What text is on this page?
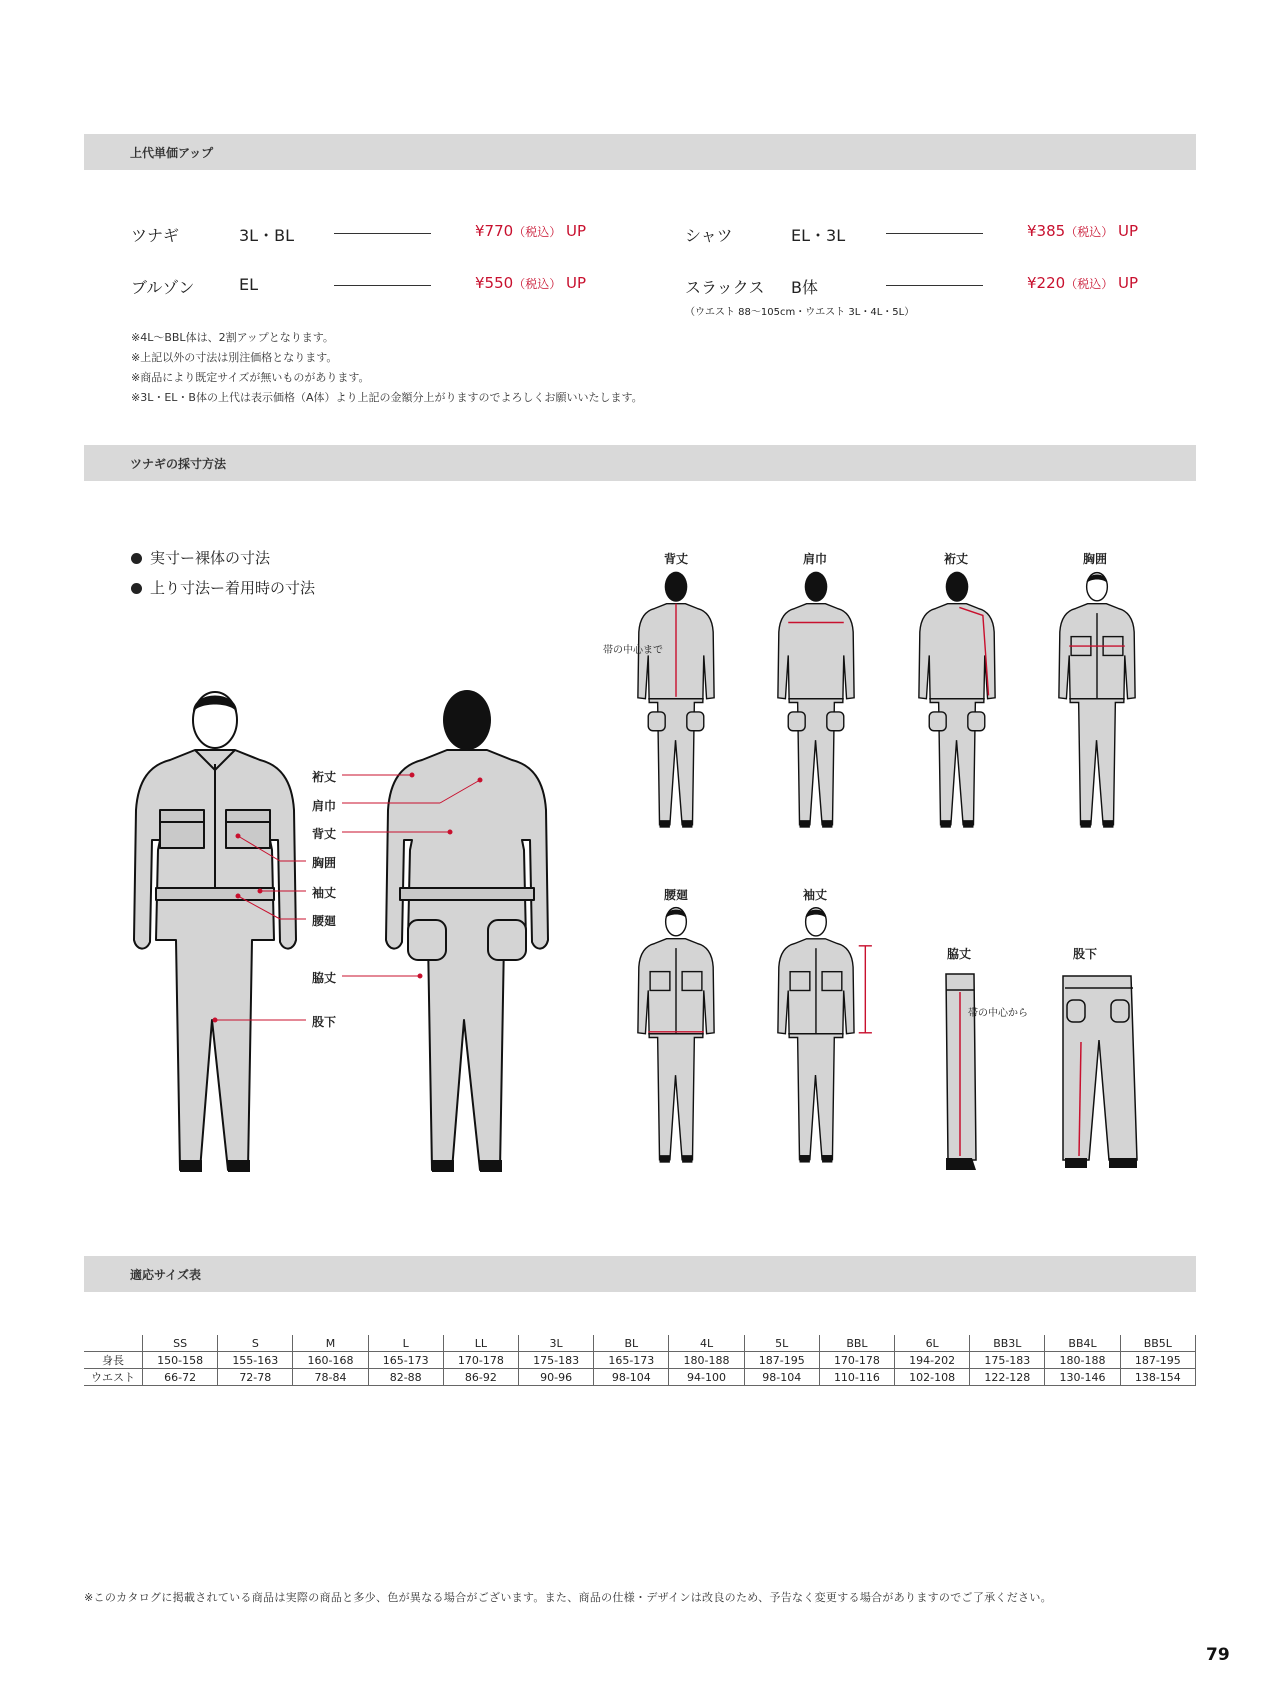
上代単価アップ
ツナギ	3L・BL	¥770（税込） UP
ブルゾン	EL	¥550（税込） UP
シャツ	EL・3L	¥385（税込） UP
スラックス B体	¥220（税込） UP
（ウエスト 88〜105cm・ウエスト 3L・4L・5L）
※4L〜BBL体は、2割アップとなります。
※上記以外の寸法は別注価格となります。
※商品により既定サイズが無いものがあります。
※3L・EL・B体の上代は表示価格（A体）より上記の金額分上がりますのでよろしくお願いいたします。
ツナギの採寸方法
実寸ー裸体の寸法
上り寸法ー着用時の寸法
裄丈
肩巾
背丈
胸囲
袖丈
腰廻
脇丈
股下
背丈	肩巾	裄丈	胸囲
帯の中心まで
腰廻	袖丈
脇丈	股下
帯の中心から
適応サイズ表
	SS	S	M	L	LL	3L	BL	4L	5L	BBL	6L	BB3L	BB4L	BB5L
身長	150-158	155-163	160-168	165-173	170-178	175-183	165-173	180-188	187-195	170-178	194-202	175-183	180-188	187-195
ウエスト	66-72	72-78	78-84	82-88	86-92	90-96	98-104	94-100	98-104	110-116	102-108	122-128	130-146	138-154
※このカタログに掲載されている商品は実際の商品と多少、色が異なる場合がございます。また、商品の仕様・デザインは改良のため、予告なく変更する場合がありますのでご了承ください。
79
